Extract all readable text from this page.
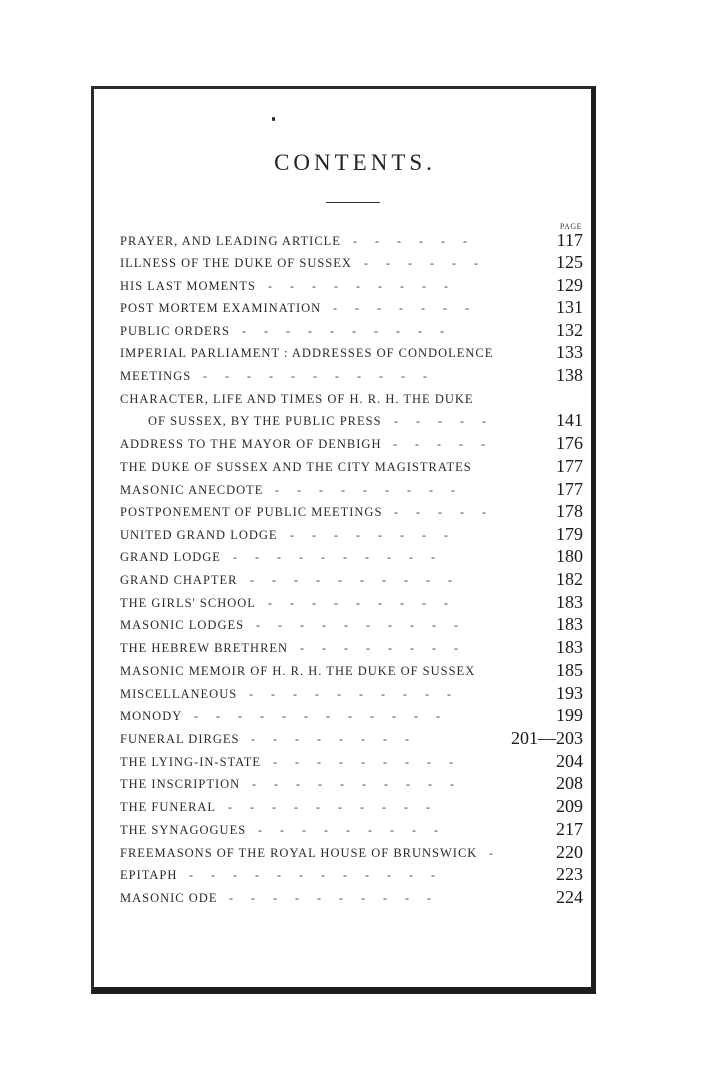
CONTENTS.
PAGE
PRAYER, AND LEADING ARTICLE -      -      -      -      -      -	117
ILLNESS OF THE DUKE OF SUSSEX -      -      -      -      -      -	125
HIS LAST MOMENTS -      -      -      -      -      -      -      -      -	129
POST MORTEM EXAMINATION -      -      -      -      -      -      -	131
PUBLIC ORDERS -      -      -      -      -      -      -      -      -      -	132
IMPERIAL PARLIAMENT : ADDRESSES OF CONDOLENCE	133
MEETINGS -      -      -      -      -      -      -      -      -      -      -	138
CHARACTER, LIFE AND TIMES OF H. R. H. THE DUKE
OF SUSSEX, BY THE PUBLIC PRESS -      -      -      -      -	141
ADDRESS TO THE MAYOR OF DENBIGH -      -      -      -      -	176
THE DUKE OF SUSSEX AND THE CITY MAGISTRATES	177
MASONIC ANECDOTE -      -      -      -      -      -      -      -      -	177
POSTPONEMENT OF PUBLIC MEETINGS -      -      -      -      -	178
UNITED GRAND LODGE -      -      -      -      -      -      -      -	179
GRAND LODGE -      -      -      -      -      -      -      -      -      -	180
GRAND CHAPTER -      -      -      -      -      -      -      -      -      -	182
THE GIRLS' SCHOOL -      -      -      -      -      -      -      -      -	183
MASONIC LODGES -      -      -      -      -      -      -      -      -      -	183
THE HEBREW BRETHREN -      -      -      -      -      -      -      -	183
MASONIC MEMOIR OF H. R. H. THE DUKE OF SUSSEX	185
MISCELLANEOUS -      -      -      -      -      -      -      -      -      -	193
MONODY -      -      -      -      -      -      -      -      -      -      -      -	199
FUNERAL DIRGES -      -      -      -      -      -      -      -	201—203
THE LYING-IN-STATE -      -      -      -      -      -      -      -      -	204
THE INSCRIPTION -      -      -      -      -      -      -      -      -      -	208
THE FUNERAL -      -      -      -      -      -      -      -      -      -	209
THE SYNAGOGUES -      -      -      -      -      -      -      -      -	217
FREEMASONS OF THE ROYAL HOUSE OF BRUNSWICK -	220
EPITAPH -      -      -      -      -      -      -      -      -      -      -      -	223
MASONIC ODE -      -      -      -      -      -      -      -      -      -	224
